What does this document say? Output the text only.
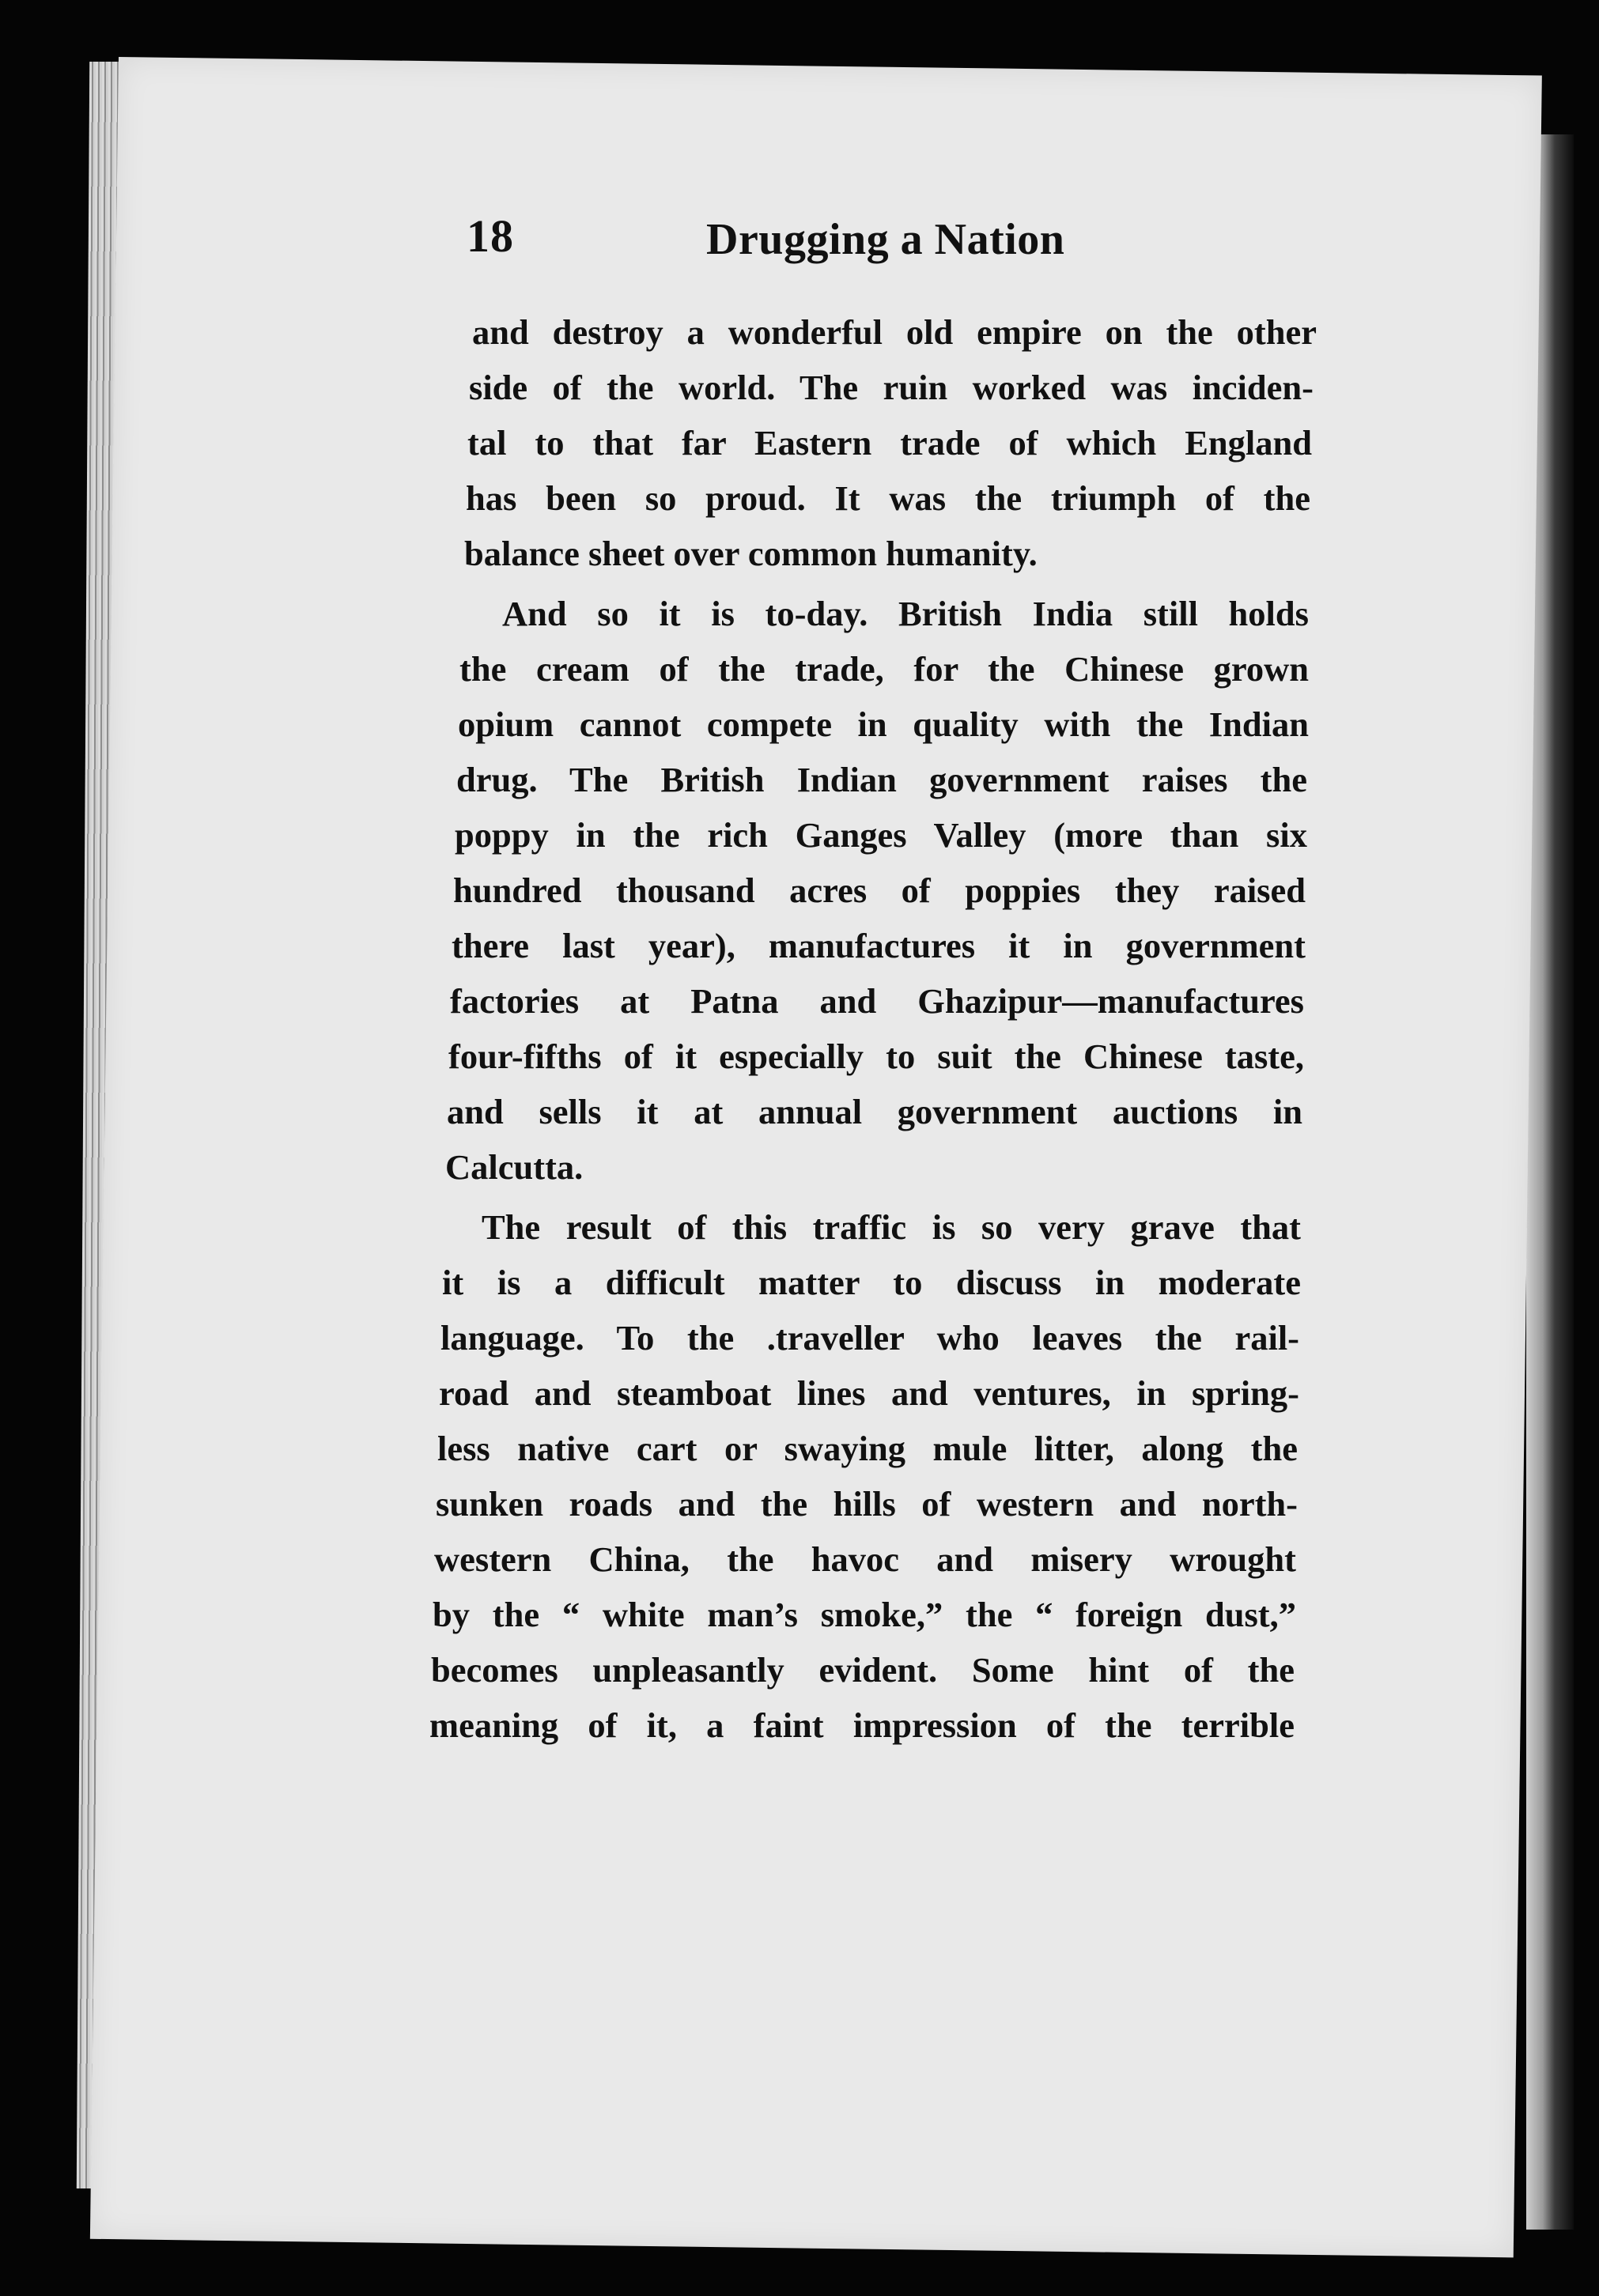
18	Drugging a Nation
and destroy a wonderful old empire on the other
side of the world. The ruin worked was inciden-
tal to that far Eastern trade of which England
has been so proud. It was the triumph of the
balance sheet over common humanity.
And so it is to-day. British India still holds
the cream of the trade, for the Chinese grown
opium cannot compete in quality with the Indian
drug. The British Indian government raises the
poppy in the rich Ganges Valley (more than six
hundred thousand acres of poppies they raised
there last year), manufactures it in government
factories at Patna and Ghazipur—manufactures
four-fifths of it especially to suit the Chinese taste,
and sells it at annual government auctions in
Calcutta.
The result of this traffic is so very grave that
it is a difficult matter to discuss in moderate
language. To the .traveller who leaves the rail-
road and steamboat lines and ventures, in spring-
less native cart or swaying mule litter, along the
sunken roads and the hills of western and north-
western China, the havoc and misery wrought
by the “ white man’s smoke,” the “ foreign dust,”
becomes unpleasantly evident. Some hint of the
meaning of it, a faint impression of the terrible
